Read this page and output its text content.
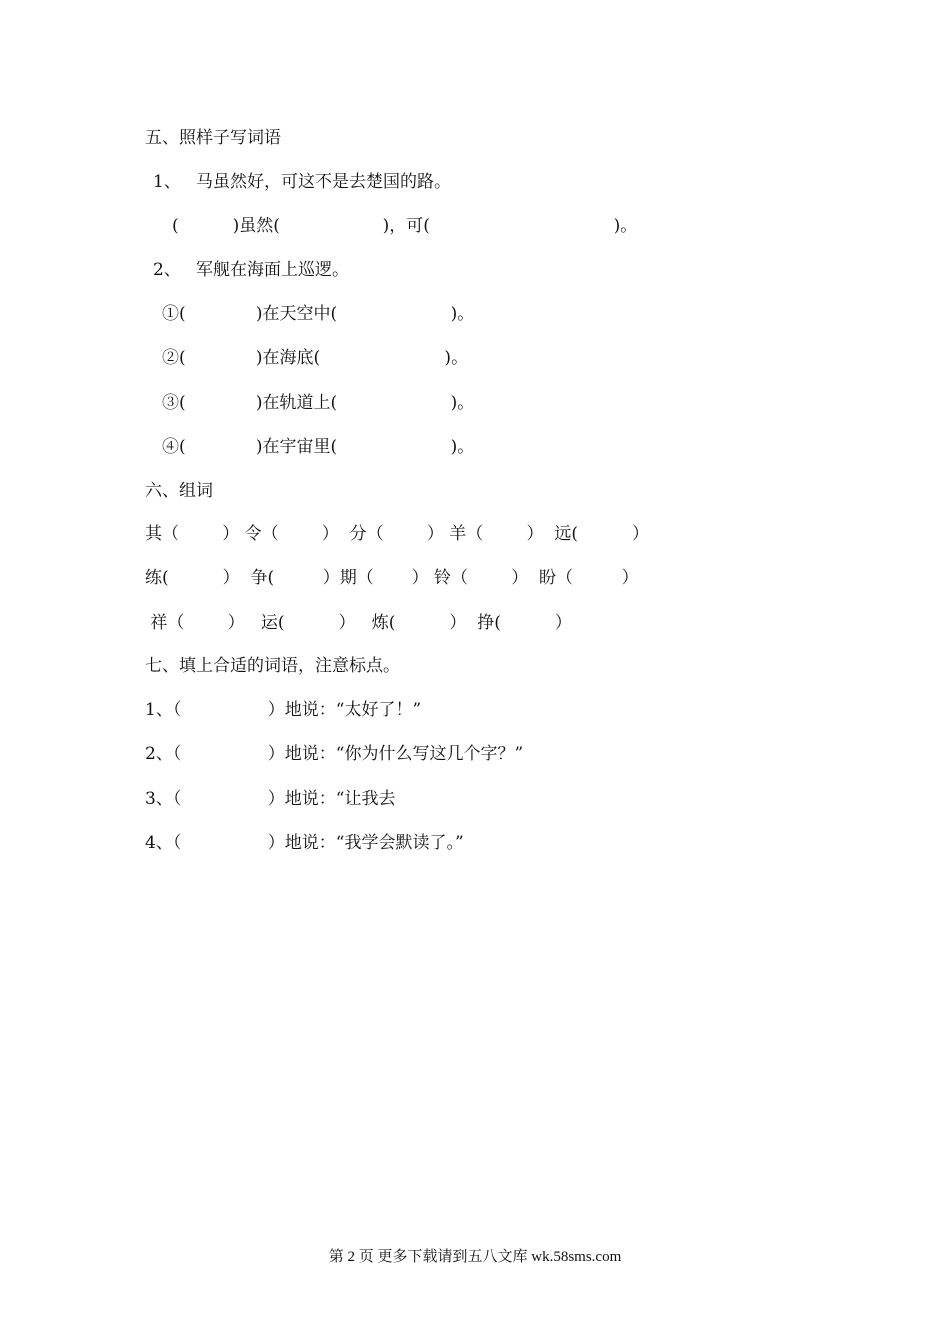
五、照样子写词语
1、 马虽然好，可这不是去楚国的路。
(          )虽然(                   )，可(                                  )。
2、 军舰在海面上巡逻。
①(             )在天空中(                     )。
②(             )在海底(                       )。
③(             )在轨道上(                     )。
④(             )在宇宙里(                     )。
六、组词
其（        ） 令（        ）  分（        ） 羊（        ）  远(          ）
练(          ）  争(         ）期（       ） 铃（        ）  盼（         ）
祥（        ）   运(          ）   炼(          ）  挣(          ）
七、填上合适的词语，注意标点。
1、（                ）地说：“太好了！”
2、（                ）地说：“你为什么写这几个字？”
3、（                ）地说：“让我去
4、（                ）地说：“我学会默读了。”
第 2 页 更多下载请到五八文库 wk.58sms.com
